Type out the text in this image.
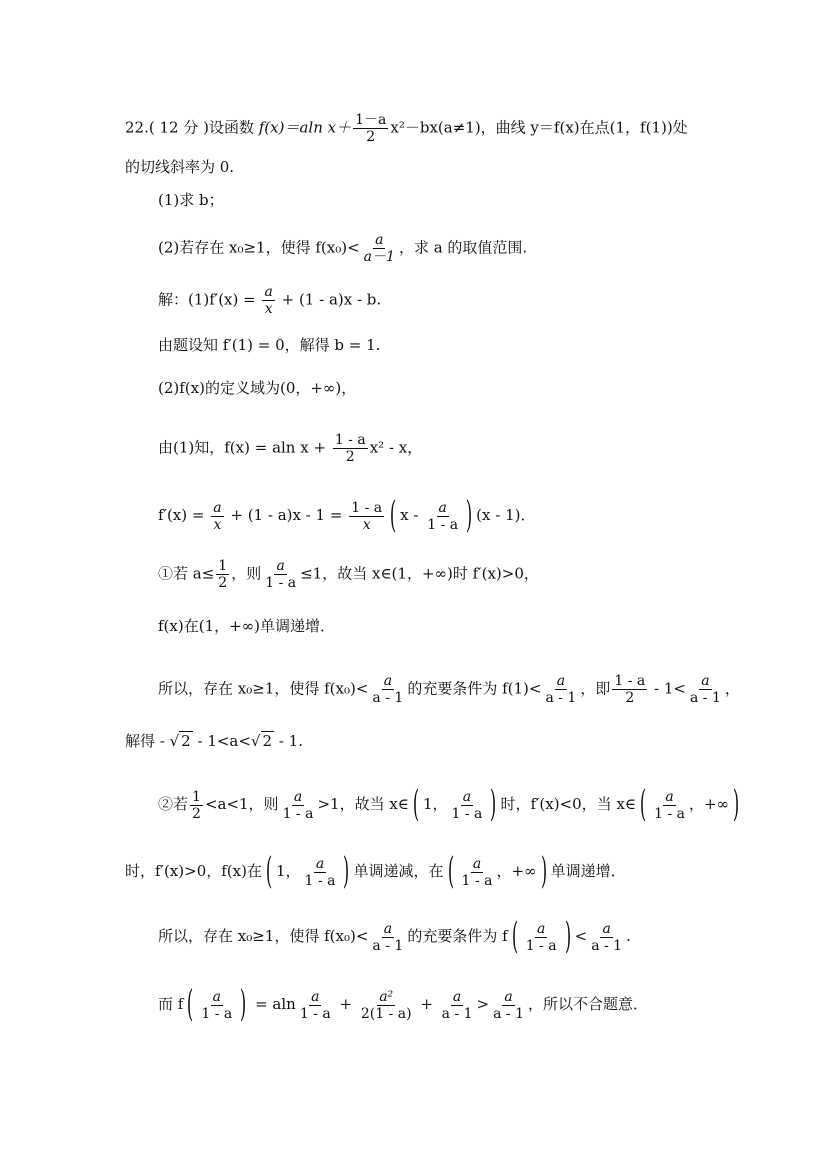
22.( 12 分 )设函数 f(x)＝aln $x+ \frac{1-a}{2} x^2-bx(a\ne 1)$，曲线 y＝f(x)在点(1，f(1))处
的切线斜率为 0.
(1)求 b；
(2)若存在 x₀≥1，使得 $f(x_0)< \frac{a}{a-1}$ ，求 a 的取值范围.
解：$(1)f'(x) = \frac{a}{x} + (1 - a)x - b$.
由题设知 f′(1) = 0，解得 b = 1.
(2)f(x)的定义域为(0，+∞)，
由(1)知，f(x) = aln $x + \frac{1 - a}{2} x^2 - x$，
$f'(x) = \frac{a}{x} + (1 - a)x - 1 = \frac{1 - a}{x}$ ( x - $\frac{a}{1 - a}$ ) (x - 1)．
①若 $a\le \frac{1}{2}$ ，则 $\frac{a}{1 - a} \le 1$，故当 x∈(1，+∞)时 f′(x)>0，
f(x)在(1，+∞)单调递增．
所以，存在 x₀≥1，使得 $f(x_0)< \frac{a}{a - 1}$ 的充要条件为 $f(1)< \frac{a}{a - 1}$ ，即 $\frac{1 - a}{2} - 1< \frac{a}{a - 1}$ ，
解得 - √ 2 - 1<a<√ 2 - 1.
②若 $\frac{1}{2} <a<1$，则 $\frac{a}{1 - a} >1$，故当 x∈ ( 1， $\frac{a}{1 - a}$ ) 时，f′(x)<0，当 x∈ ( $\frac{a}{1 - a}$ ，+∞ )
时，f′(x)>0，f(x)在 ( 1， $\frac{a}{1 - a}$ ) 单调递减，在 ( $\frac{a}{1 - a}$ ，+∞ ) 单调递增．
所以，存在 x₀≥1，使得 $f(x_0)< \frac{a}{a - 1}$ 的充要条件为 f ( $\frac{a}{1 - a}$ ) < $\frac{a}{a - 1}$ .
而 f ( $\frac{a}{1 - a}$ ) = aln $\frac{a}{1 - a} + \frac{\text{a²}}{2(1 - a)} + \frac{a}{a - 1} > \frac{a}{a - 1}$ ，所以不合题意．
